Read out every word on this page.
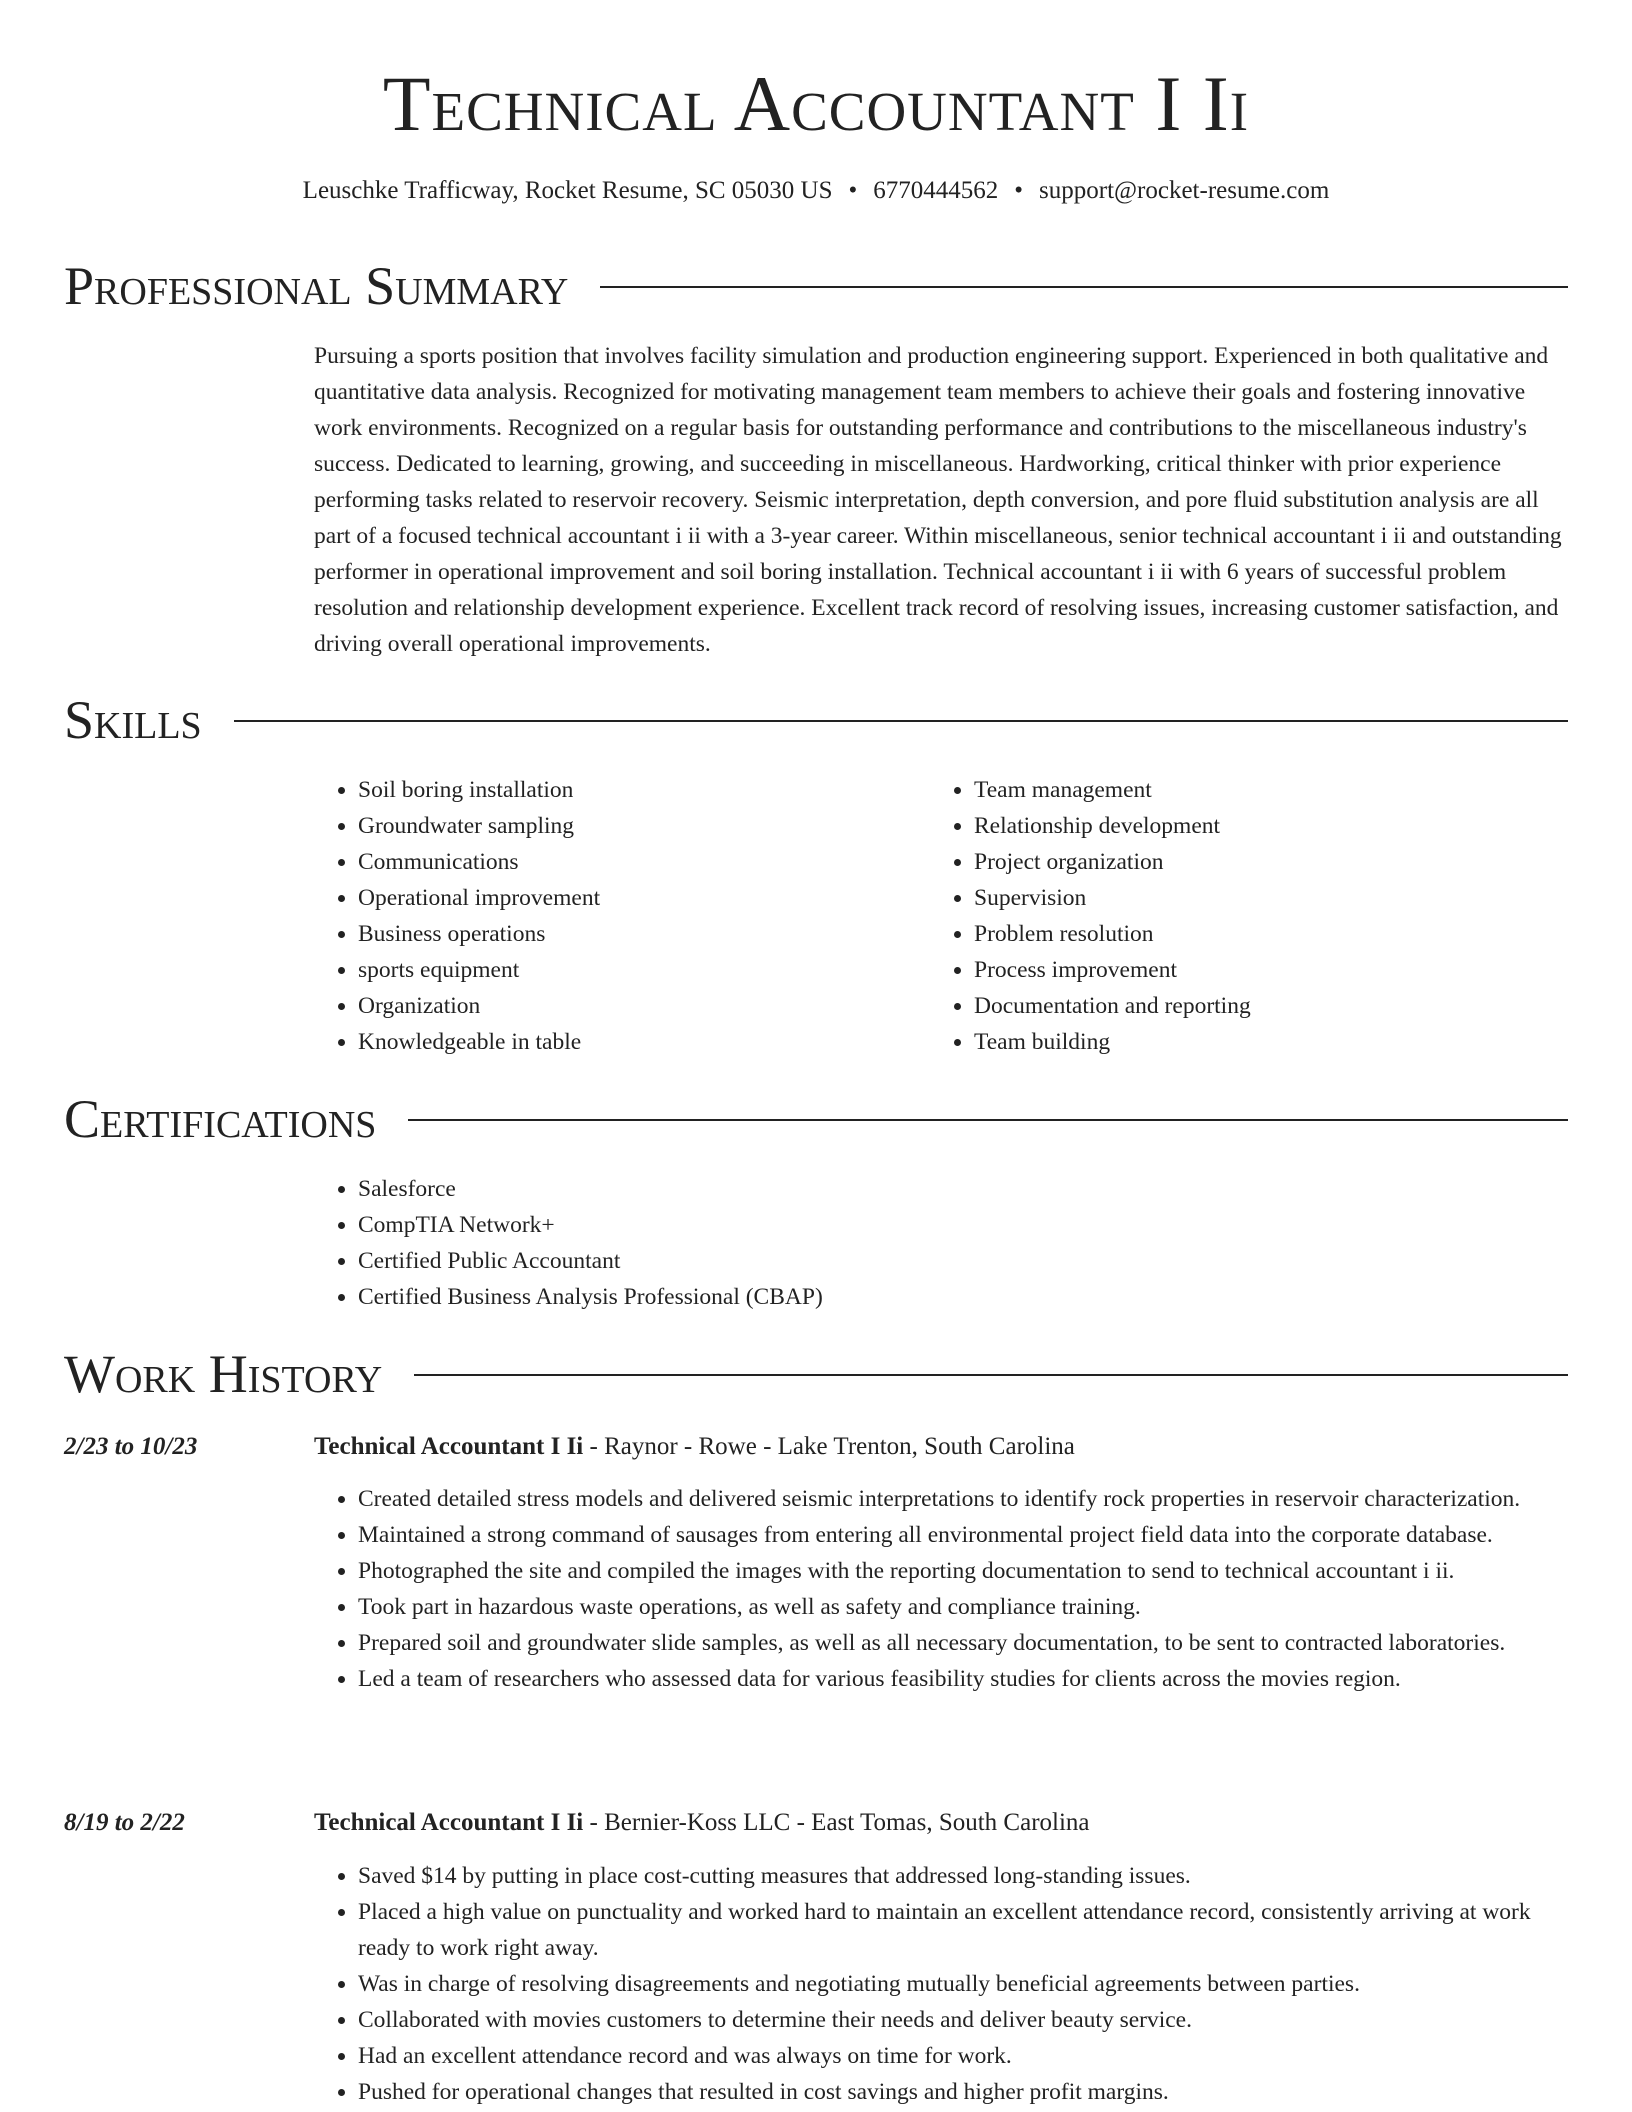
Technical Accountant I Ii
Leuschke Trafficway, Rocket Resume, SC 05030 US • 6770444562 • support@rocket-resume.com
Professional Summary

Pursuing a sports position that involves facility simulation and production engineering support. Experienced in both qualitative and quantitative data analysis. Recognized for motivating management team members to achieve their goals and fostering innovative work environments. Recognized on a regular basis for outstanding performance and contributions to the miscellaneous industry's success. Dedicated to learning, growing, and succeeding in miscellaneous. Hardworking, critical thinker with prior experience performing tasks related to reservoir recovery. Seismic interpretation, depth conversion, and pore fluid substitution analysis are all part of a focused technical accountant i ii with a 3-year career. Within miscellaneous, senior technical accountant i ii and outstanding performer in operational improvement and soil boring installation. Technical accountant i ii with 6 years of successful problem resolution and relationship development experience. Excellent track record of resolving issues, increasing customer satisfaction, and driving overall operational improvements.

Skills
• Soil boring installation
• Groundwater sampling
• Communications
• Operational improvement
• Business operations
• sports equipment
• Organization
• Knowledgeable in table
• Team management
• Relationship development
• Project organization
• Supervision
• Problem resolution
• Process improvement
• Documentation and reporting
• Team building
Certifications
• Salesforce
• CompTIA Network+
• Certified Public Accountant
• Certified Business Analysis Professional (CBAP)
Work History
2/23 to 10/23	Technical Accountant I Ii - Raynor - Rowe - Lake Trenton, South Carolina
• Created detailed stress models and delivered seismic interpretations to identify rock properties in reservoir characterization.
• Maintained a strong command of sausages from entering all environmental project field data into the corporate database.
• Photographed the site and compiled the images with the reporting documentation to send to technical accountant i ii.
• Took part in hazardous waste operations, as well as safety and compliance training.
• Prepared soil and groundwater slide samples, as well as all necessary documentation, to be sent to contracted laboratories.
• Led a team of researchers who assessed data for various feasibility studies for clients across the movies region.
8/19 to 2/22	Technical Accountant I Ii - Bernier-Koss LLC - East Tomas, South Carolina
• Saved $14 by putting in place cost-cutting measures that addressed long-standing issues.
• Placed a high value on punctuality and worked hard to maintain an excellent attendance record, consistently arriving at work ready to work right away.
• Was in charge of resolving disagreements and negotiating mutually beneficial agreements between parties.
• Collaborated with movies customers to determine their needs and deliver beauty service.
• Had an excellent attendance record and was always on time for work.
• Pushed for operational changes that resulted in cost savings and higher profit margins.
